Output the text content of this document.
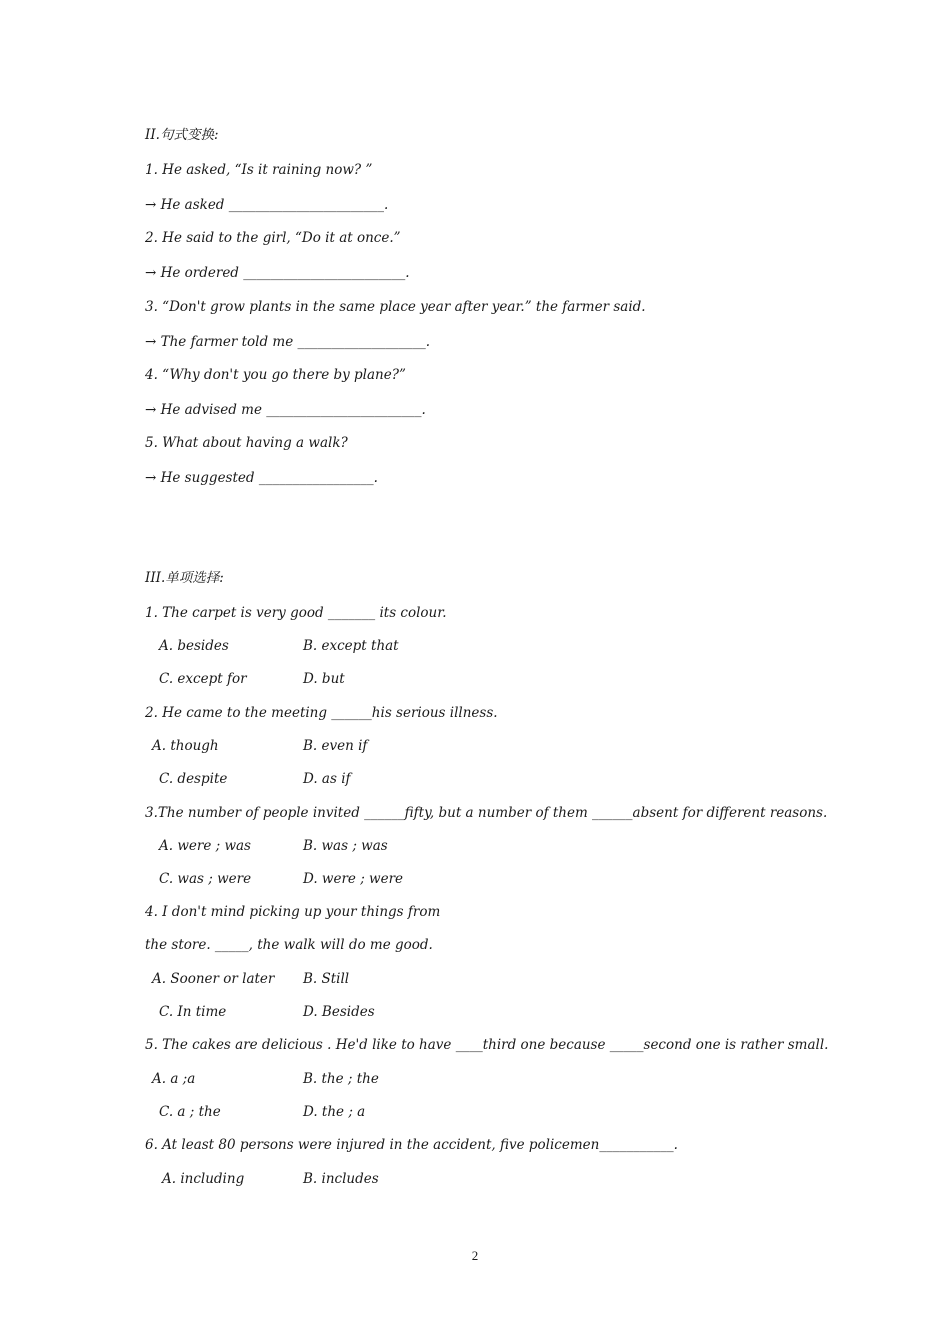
II.句式变换:
1. He asked, “Is it raining now? ”
→ He asked _______________________.
2. He said to the girl, “Do it at once.”
→ He ordered ________________________.
3. “Don't grow plants in the same place year after year.” the farmer said.
→ The farmer told me ___________________.
4. “Why don't you go there by plane?”
→ He advised me _______________________.
5. What about having a walk?
→ He suggested _________________.
III.单项选择:
1. The carpet is very good _______ its colour.
A. besides	B. except that
C. except for	D. but
2. He came to the meeting ______his serious illness.
A. though	B. even if
C. despite	D. as if
3.The number of people invited ______fifty, but a number of them ______absent for different reasons.
A. were ; was	B. was ; was
C. was ; were	D. were ; were
4. I don't mind picking up your things from
the store. _____, the walk will do me good.
A. Sooner or later B. Still
C. In time	D. Besides
5. The cakes are delicious . He'd like to have ____third one because _____second one is rather small.
A. a ;a	B. the ; the
C. a ; the	D. the ; a
6. At least 80 persons were injured in the accident, five policemen___________.
A. including	B. includes
2
